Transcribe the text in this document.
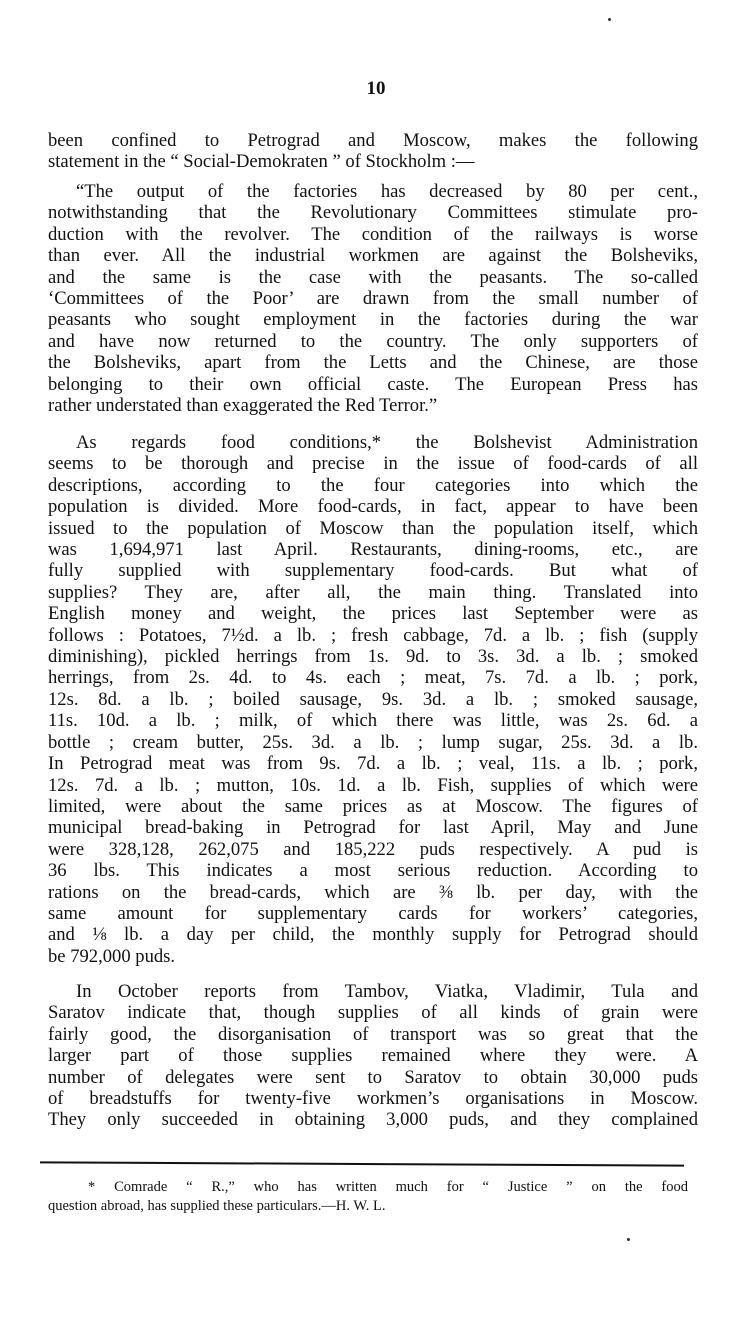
10
been confined to Petrograd and Moscow, makes the following
statement in the “ Social-Demokraten ” of Stockholm :—
“The output of the factories has decreased by 80 per cent.,
notwithstanding that the Revolutionary Committees stimulate pro-
duction with the revolver. The condition of the railways is worse
than ever. All the industrial workmen are against the Bolsheviks,
and the same is the case with the peasants. The so-called
‘Committees of the Poor’ are drawn from the small number of
peasants who sought employment in the factories during the war
and have now returned to the country. The only supporters of
the Bolsheviks, apart from the Letts and the Chinese, are those
belonging to their own official caste. The European Press has
rather understated than exaggerated the Red Terror.”
As regards food conditions,* the Bolshevist Administration
seems to be thorough and precise in the issue of food-cards of all
descriptions, according to the four categories into which the
population is divided. More food-cards, in fact, appear to have been
issued to the population of Moscow than the population itself, which
was 1,694,971 last April. Restaurants, dining-rooms, etc., are
fully supplied with supplementary food-cards. But what of
supplies? They are, after all, the main thing. Translated into
English money and weight, the prices last September were as
follows : Potatoes, 7½d. a lb. ; fresh cabbage, 7d. a lb. ; fish (supply
diminishing), pickled herrings from 1s. 9d. to 3s. 3d. a lb. ; smoked
herrings, from 2s. 4d. to 4s. each ; meat, 7s. 7d. a lb. ; pork,
12s. 8d. a lb. ; boiled sausage, 9s. 3d. a lb. ; smoked sausage,
11s. 10d. a lb. ; milk, of which there was little, was 2s. 6d. a
bottle ; cream butter, 25s. 3d. a lb. ; lump sugar, 25s. 3d. a lb.
In Petrograd meat was from 9s. 7d. a lb. ; veal, 11s. a lb. ; pork,
12s. 7d. a lb. ; mutton, 10s. 1d. a lb. Fish, supplies of which were
limited, were about the same prices as at Moscow. The figures of
municipal bread-baking in Petrograd for last April, May and June
were 328,128, 262,075 and 185,222 puds respectively. A pud is
36 lbs. This indicates a most serious reduction. According to
rations on the bread-cards, which are ⅜ lb. per day, with the
same amount for supplementary cards for workers’ categories,
and ⅛ lb. a day per child, the monthly supply for Petrograd should
be 792,000 puds.
In October reports from Tambov, Viatka, Vladimir, Tula and
Saratov indicate that, though supplies of all kinds of grain were
fairly good, the disorganisation of transport was so great that the
larger part of those supplies remained where they were. A
number of delegates were sent to Saratov to obtain 30,000 puds
of breadstuffs for twenty-five workmen’s organisations in Moscow.
They only succeeded in obtaining 3,000 puds, and they complained
* Comrade “ R.,” who has written much for “ Justice ” on the food
question abroad, has supplied these particulars.—H. W. L.
